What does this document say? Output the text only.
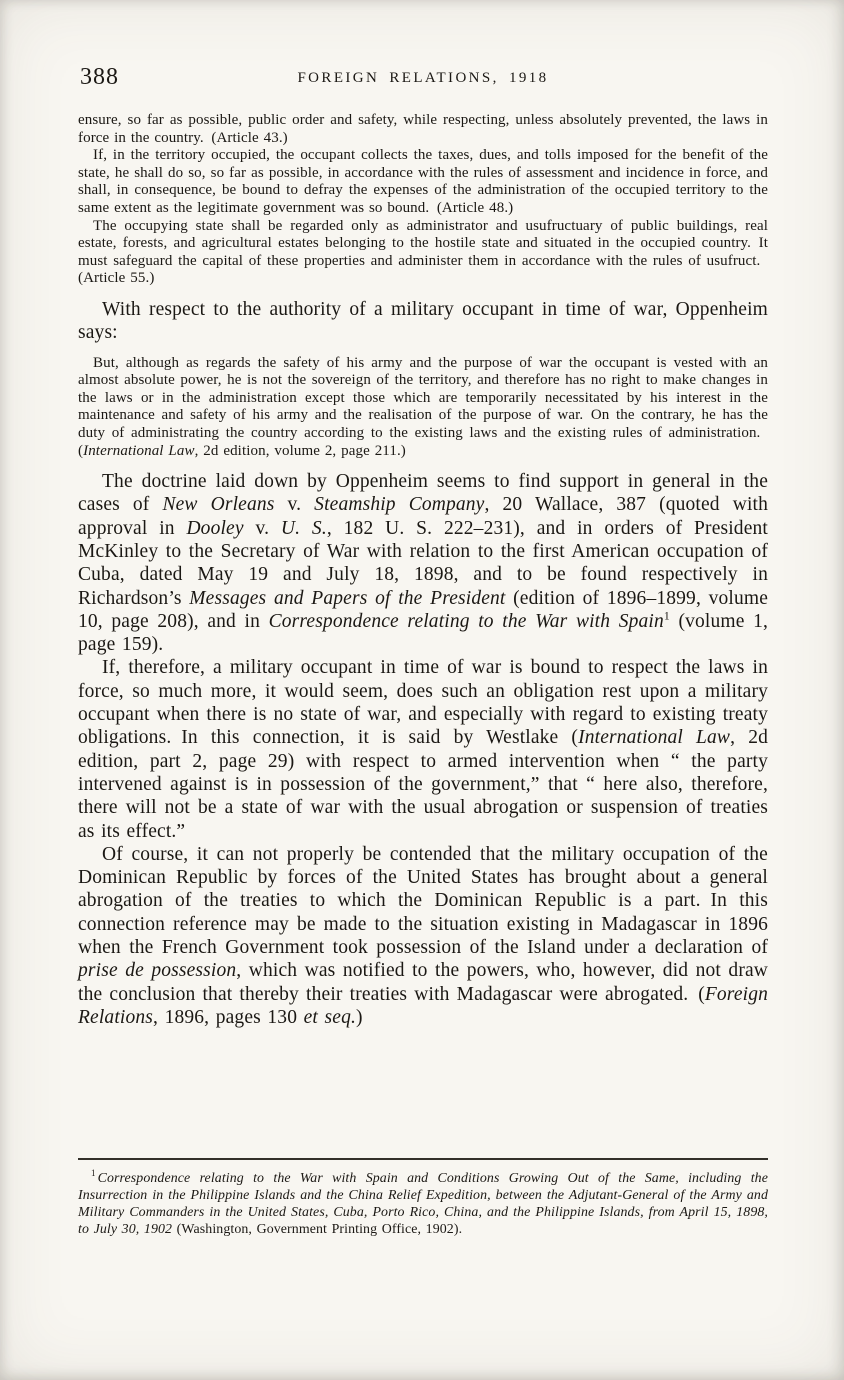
388	FOREIGN RELATIONS, 1918

ensure, so far as possible, public order and safety, while respecting, unless absolutely prevented, the laws in force in the country. (Article 43.)

If, in the territory occupied, the occupant collects the taxes, dues, and tolls imposed for the benefit of the state, he shall do so, so far as possible, in accordance with the rules of assessment and incidence in force, and shall, in consequence, be bound to defray the expenses of the administration of the occupied territory to the same extent as the legitimate government was so bound. (Article 48.)

The occupying state shall be regarded only as administrator and usufructuary of public buildings, real estate, forests, and agricultural estates belonging to the hostile state and situated in the occupied country. It must safeguard the capital of these properties and administer them in accordance with the rules of usufruct. (Article 55.)

With respect to the authority of a military occupant in time of war, Oppenheim says:

But, although as regards the safety of his army and the purpose of war the occupant is vested with an almost absolute power, he is not the sovereign of the territory, and therefore has no right to make changes in the laws or in the administration except those which are temporarily necessitated by his interest in the maintenance and safety of his army and the realisation of the purpose of war. On the contrary, he has the duty of administrating the country according to the existing laws and the existing rules of administration. (International Law, 2d edition, volume 2, page 211.)

The doctrine laid down by Oppenheim seems to find support in general in the cases of New Orleans v. Steamship Company, 20 Wallace, 387 (quoted with approval in Dooley v. U. S., 182 U. S. 222–231), and in orders of President McKinley to the Secretary of War with relation to the first American occupation of Cuba, dated May 19 and July 18, 1898, and to be found respectively in Richardson’s Messages and Papers of the President (edition of 1896–1899, volume 10, page 208), and in Correspondence relating to the War with Spain$^1$ (volume 1, page 159).

If, therefore, a military occupant in time of war is bound to respect the laws in force, so much more, it would seem, does such an obligation rest upon a military occupant when there is no state of war, and especially with regard to existing treaty obligations. In this connection, it is said by Westlake (International Law, 2d edition, part 2, page 29) with respect to armed intervention when “ the party intervened against is in possession of the government,” that “ here also, therefore, there will not be a state of war with the usual abrogation or suspension of treaties as its effect.”

Of course, it can not properly be contended that the military occupation of the Dominican Republic by forces of the United States has brought about a general abrogation of the treaties to which the Dominican Republic is a part. In this connection reference may be made to the situation existing in Madagascar in 1896 when the French Government took possession of the Island under a declaration of prise de possession, which was notified to the powers, who, however, did not draw the conclusion that thereby their treaties with Madagascar were abrogated. (Foreign Relations, 1896, pages 130 et seq.)

$^1$ Correspondence relating to the War with Spain and Conditions Growing Out of the Same, including the Insurrection in the Philippine Islands and the China Relief Expedition, between the Adjutant-General of the Army and Military Commanders in the United States, Cuba, Porto Rico, China, and the Philippine Islands, from April 15, 1898, to July 30, 1902 (Washington, Government Printing Office, 1902).
